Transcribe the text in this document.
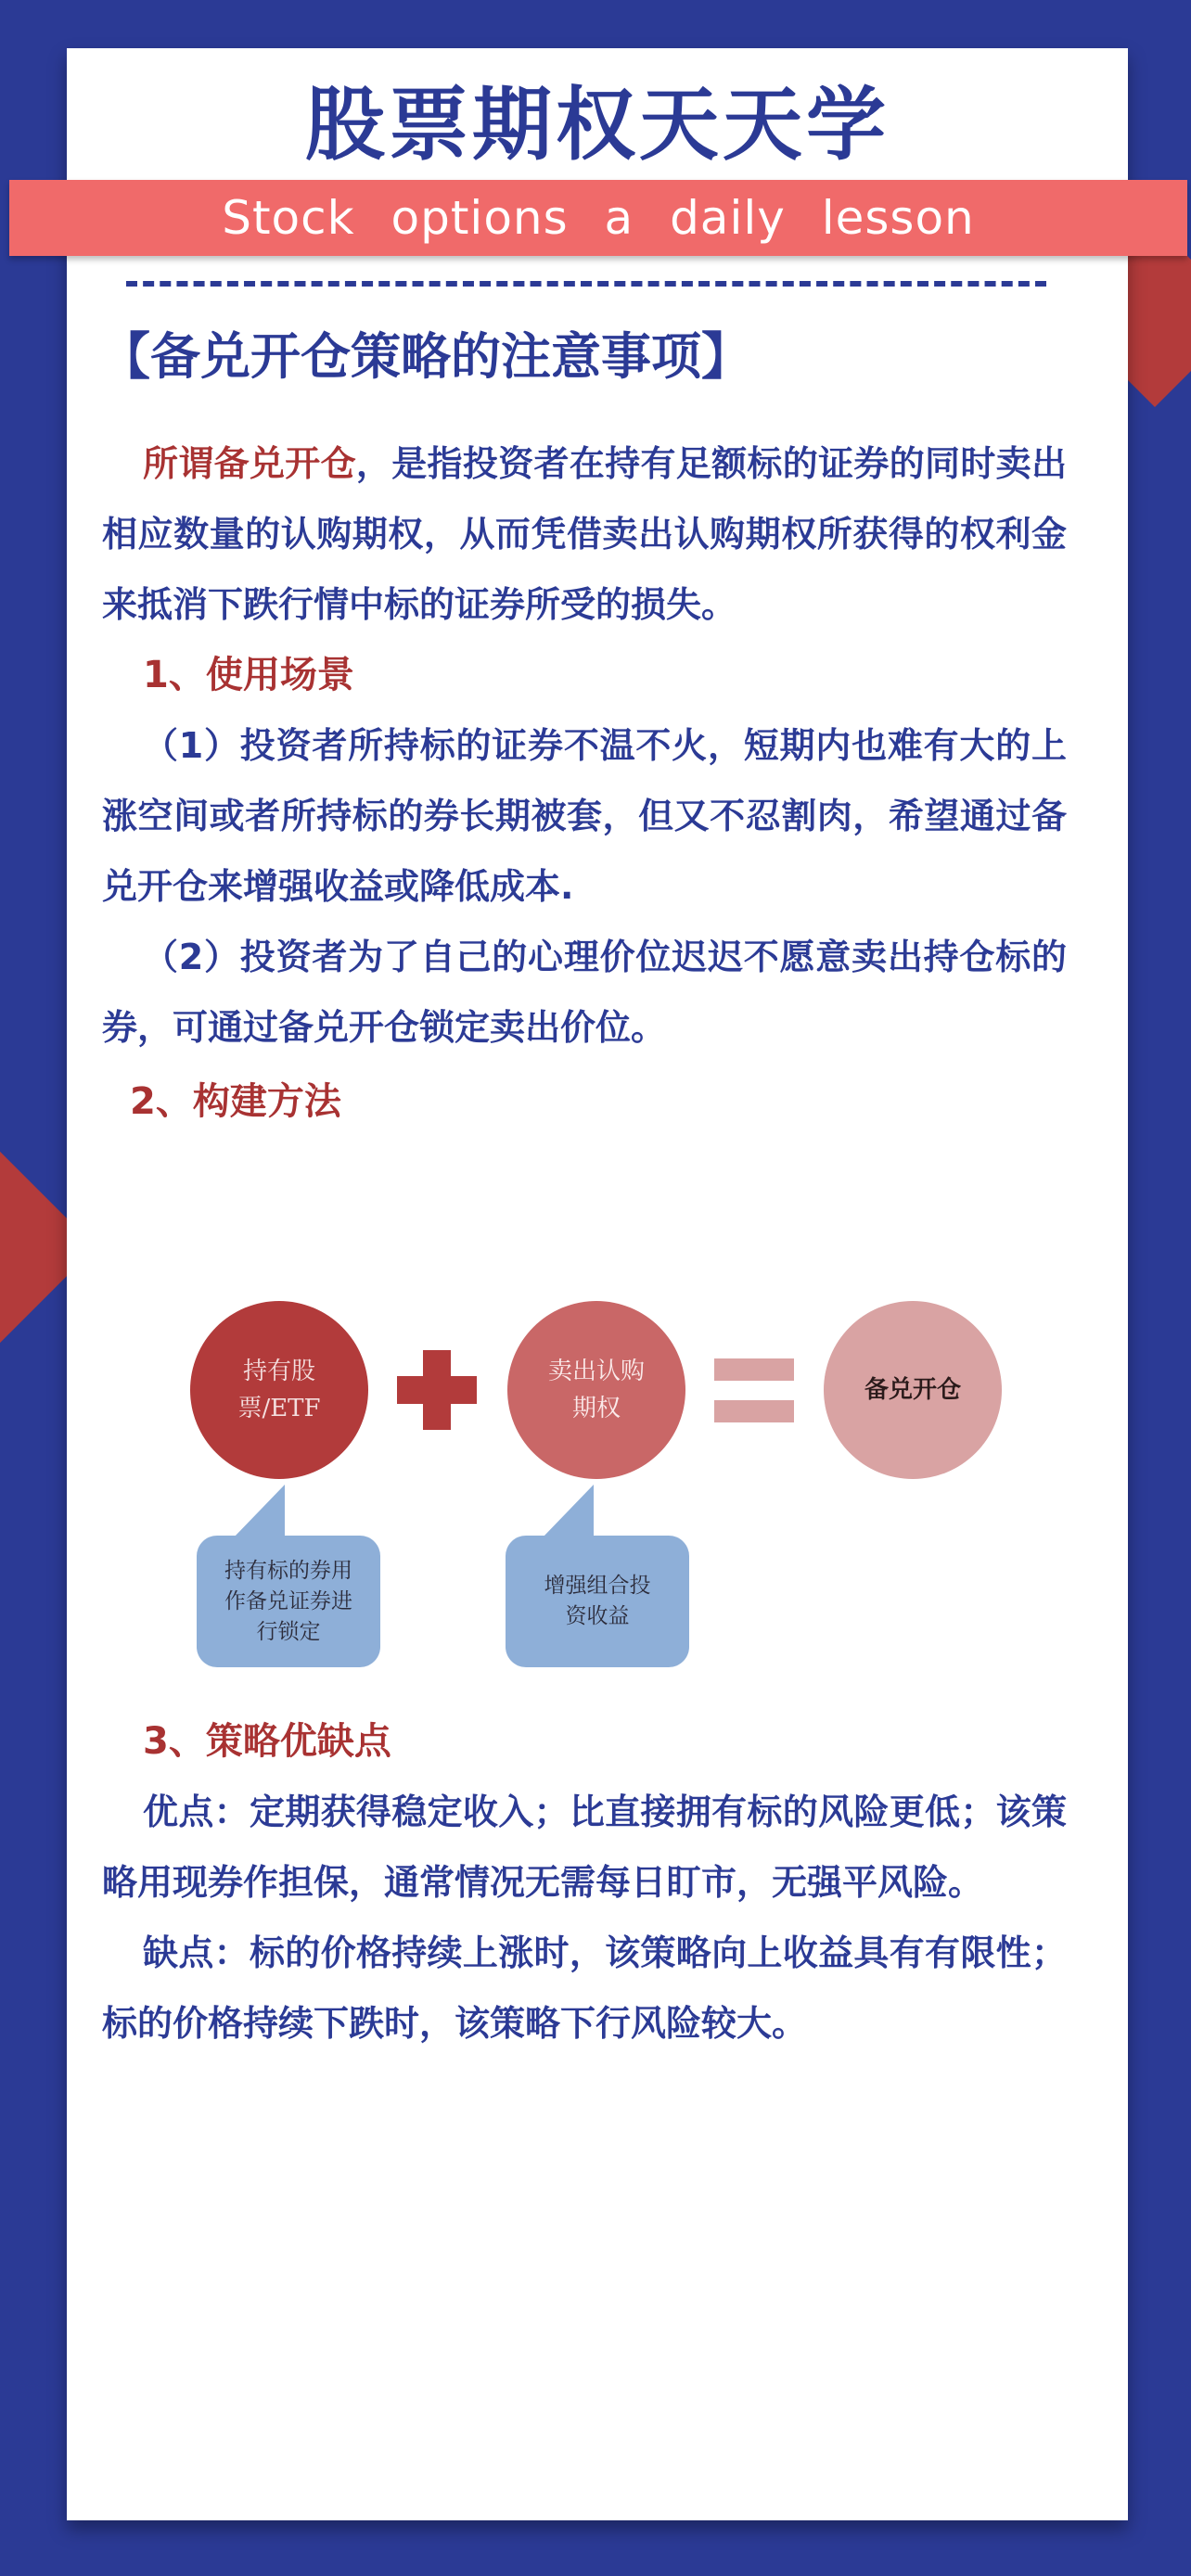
股票期权天天学
Stock options a daily lesson
【备兑开仓策略的注意事项】

所谓备兑开仓，是指投资者在持有足额标的证券的同时卖出相应数量的认购期权，从而凭借卖出认购期权所获得的权利金来抵消下跌行情中标的证券所受的损失。

1、使用场景

（1）投资者所持标的证券不温不火，短期内也难有大的上涨空间或者所持标的券长期被套，但又不忍割肉，希望通过备兑开仓来增强收益或降低成本.

（2）投资者为了自己的心理价位迟迟不愿意卖出持仓标的券，可通过备兑开仓锁定卖出价位。

2、构建方法
持有股票/ETF
卖出认购期权
备兑开仓
持有标的券用作备兑证券进行锁定
增强组合投资收益
3、策略优缺点

优点：定期获得稳定收入；比直接拥有标的风险更低；该策略用现券作担保，通常情况无需每日盯市，无强平风险。

缺点：标的价格持续上涨时，该策略向上收益具有有限性；标的价格持续下跌时，该策略下行风险较大。
